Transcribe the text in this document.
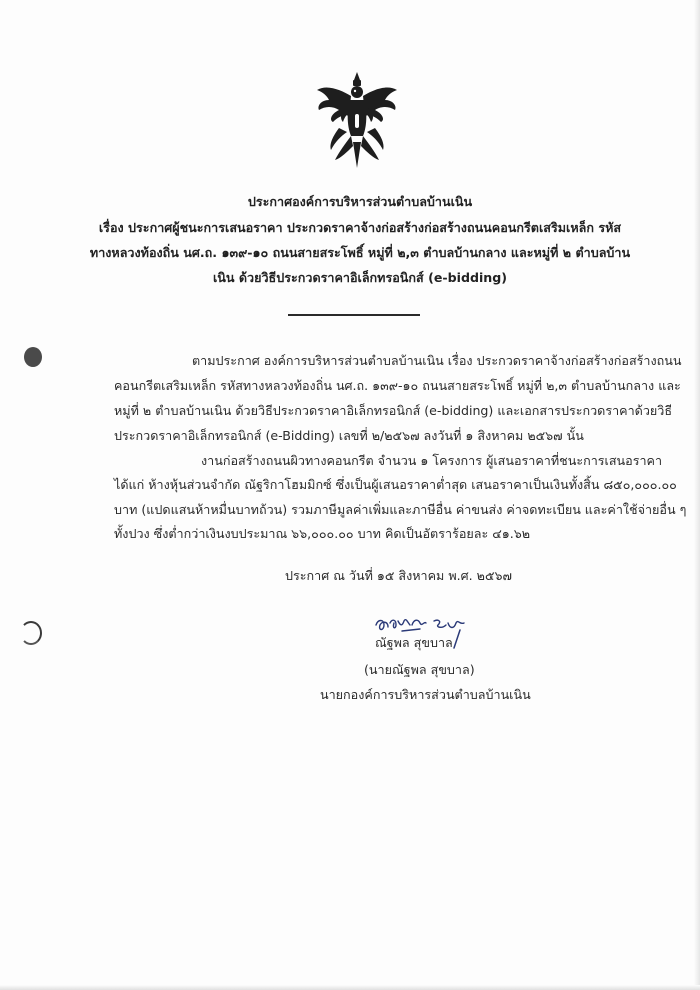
ประกาศองค์การบริหารส่วนตำบลบ้านเนิน
เรื่อง ประกาศผู้ชนะการเสนอราคา ประกวดราคาจ้างก่อสร้างก่อสร้างถนนคอนกรีตเสริมเหล็ก รหัส
ทางหลวงท้องถิ่น นศ.ถ. ๑๓๙-๑๐ ถนนสายสระโพธิ์ หมู่ที่ ๒,๓ ตำบลบ้านกลาง และหมู่ที่ ๒ ตำบลบ้าน
เนิน ด้วยวิธีประกวดราคาอิเล็กทรอนิกส์ (e-bidding)
ตามประกาศ องค์การบริหารส่วนตำบลบ้านเนิน เรื่อง ประกวดราคาจ้างก่อสร้างก่อสร้างถนน
คอนกรีตเสริมเหล็ก รหัสทางหลวงท้องถิ่น นศ.ถ. ๑๓๙-๑๐ ถนนสายสระโพธิ์ หมู่ที่ ๒,๓ ตำบลบ้านกลาง และ
หมู่ที่ ๒ ตำบลบ้านเนิน ด้วยวิธีประกวดราคาอิเล็กทรอนิกส์ (e-bidding) และเอกสารประกวดราคาด้วยวิธี
ประกวดราคาอิเล็กทรอนิกส์ (e-Bidding) เลขที่ ๒/๒๕๖๗ ลงวันที่ ๑ สิงหาคม ๒๕๖๗ นั้น
งานก่อสร้างถนนผิวทางคอนกรีต จำนวน ๑ โครงการ ผู้เสนอราคาที่ชนะการเสนอราคา
ได้แก่ ห้างหุ้นส่วนจำกัด ณัฐริกาโฮมมิกซ์ ซึ่งเป็นผู้เสนอราคาต่ำสุด เสนอราคาเป็นเงินทั้งสิ้น ๘๕๐,๐๐๐.๐๐
บาท (แปดแสนห้าหมื่นบาทถ้วน) รวมภาษีมูลค่าเพิ่มและภาษีอื่น ค่าขนส่ง ค่าจดทะเบียน และค่าใช้จ่ายอื่น ๆ
ทั้งปวง ซึ่งต่ำกว่าเงินงบประมาณ ๖๖,๐๐๐.๐๐ บาท คิดเป็นอัตราร้อยละ ๔๑.๖๒
ประกาศ ณ วันที่ ๑๕ สิงหาคม พ.ศ. ๒๕๖๗
ณัฐพล สุขบาล
(นายณัฐพล สุขบาล)
นายกองค์การบริหารส่วนตำบลบ้านเนิน
